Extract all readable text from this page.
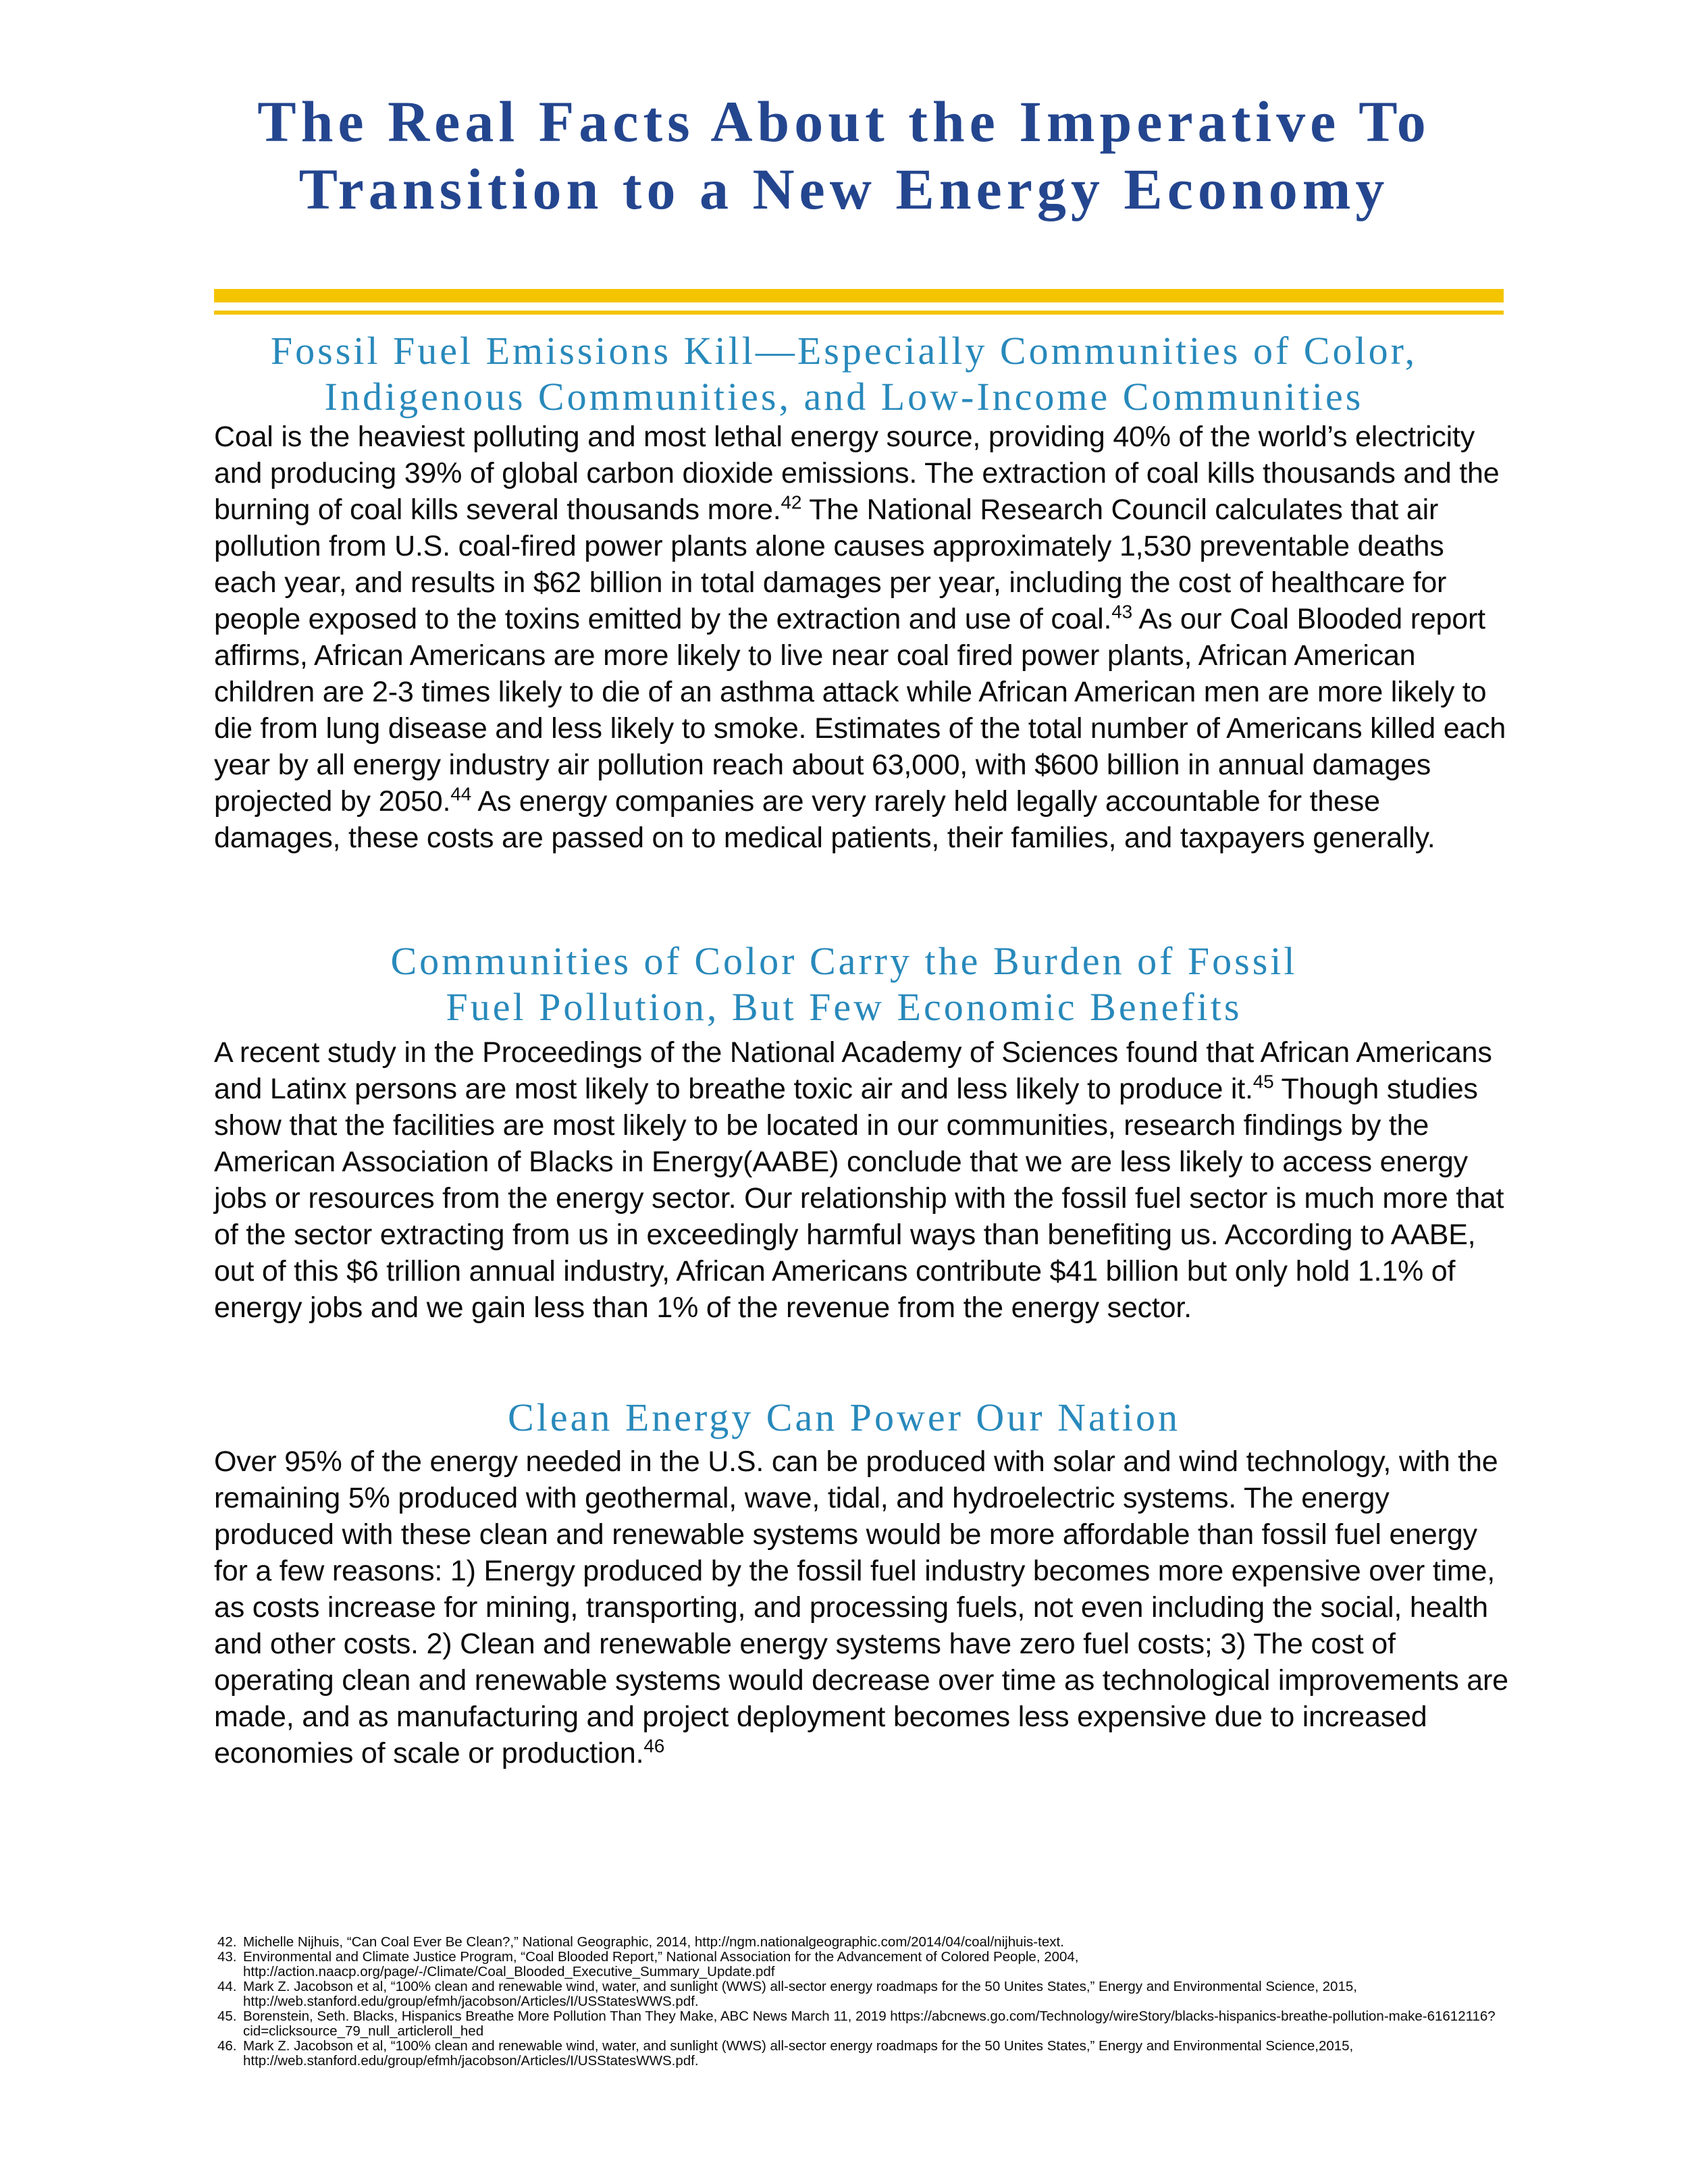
The Real Facts About the Imperative To
Transition to a New Energy Economy
Fossil Fuel Emissions Kill—Especially Communities of Color,
Indigenous Communities, and Low-Income Communities

Coal is the heaviest polluting and most lethal energy source, providing 40% of the world’s electricity and producing 39% of global carbon dioxide emissions. The extraction of coal kills thousands and the burning of coal kills several thousands more.$^{42}$ The National Research Council calculates that air pollution from U.S. coal-fired power plants alone causes approximately 1,530 preventable deaths each year, and results in $62 billion in total damages per year, including the cost of healthcare for people exposed to the toxins emitted by the extraction and use of coal.$^{43}$ As our Coal Blooded report affirms, African Americans are more likely to live near coal fired power plants, African American children are 2-3 times likely to die of an asthma attack while African American men are more likely to die from lung disease and less likely to smoke. Estimates of the total number of Americans killed each year by all energy industry air pollution reach about 63,000, with $600 billion in annual damages projected by 2050.44 As energy companies are very rarely held legally accountable for these damages, these costs are passed on to medical patients, their families, and taxpayers generally.

Communities of Color Carry the Burden of Fossil
Fuel Pollution, But Few Economic Benefits

A recent study in the Proceedings of the National Academy of Sciences found that African Americans and Latinx persons are most likely to breathe toxic air and less likely to produce it.$^{45}$ Though studies show that the facilities are most likely to be located in our communities, research findings by the American Association of Blacks in Energy(AABE) conclude that we are less likely to access energy jobs or resources from the energy sector. Our relationship with the fossil fuel sector is much more that of the sector extracting from us in exceedingly harmful ways than benefiting us. According to AABE, out of this $6 trillion annual industry, African Americans contribute $41 billion but only hold 1.1% of energy jobs and we gain less than 1% of the revenue from the energy sector.

Clean Energy Can Power Our Nation

Over 95% of the energy needed in the U.S. can be produced with solar and wind technology, with the remaining 5% produced with geothermal, wave, tidal, and hydroelectric systems. The energy produced with these clean and renewable systems would be more affordable than fossil fuel energy for a few reasons: 1) Energy produced by the fossil fuel industry becomes more expensive over time, as costs increase for mining, transporting, and processing fuels, not even including the social, health and other costs. 2) Clean and renewable energy systems have zero fuel costs; 3) The cost of operating clean and renewable systems would decrease over time as technological improvements are made, and as manufacturing and project deployment becomes less expensive due to increased economies of scale or production.$^{46}$

42. Michelle Nijhuis, “Can Coal Ever Be Clean?,” National Geographic, 2014, http://ngm.nationalgeographic.com/2014/04/coal/nijhuis-text.
43. Environmental and Climate Justice Program, “Coal Blooded Report,” National Association for the Advancement of Colored People, 2004, http://action.naacp.org/page/-/Climate/Coal_Blooded_Executive_Summary_Update.pdf
44. Mark Z. Jacobson et al, “100% clean and renewable wind, water, and sunlight (WWS) all-sector energy roadmaps for the 50 Unites States,” Energy and Environmental Science, 2015, http://web.stanford.edu/group/efmh/jacobson/Articles/I/USStatesWWS.pdf.
45. Borenstein, Seth. Blacks, Hispanics Breathe More Pollution Than They Make, ABC News March 11, 2019 https://abcnews.go.com/Technology/wireStory/blacks-hispanics-breathe-pollution-make-61612116?cid=clicksource_79_null_articleroll_hed
46. Mark Z. Jacobson et al, “100% clean and renewable wind, water, and sunlight (WWS) all-sector energy roadmaps for the 50 Unites States,” Energy and Environmental Science,2015, http://web.stanford.edu/group/efmh/jacobson/Articles/I/USStatesWWS.pdf.
